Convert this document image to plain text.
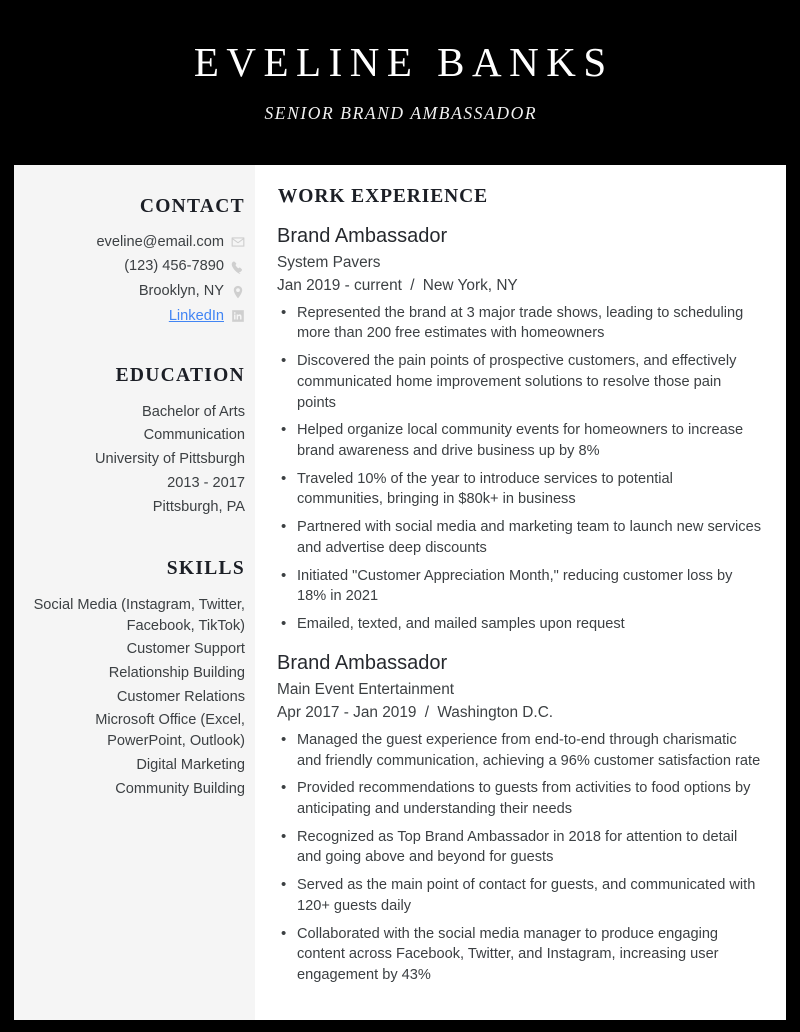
EVELINE BANKS
SENIOR BRAND AMBASSADOR
CONTACT
eveline@email.com
(123) 456-7890
Brooklyn, NY
LinkedIn
EDUCATION
Bachelor of Arts
Communication
University of Pittsburgh
2013 - 2017
Pittsburgh, PA
SKILLS
Social Media (Instagram, Twitter, Facebook, TikTok)
Customer Support
Relationship Building
Customer Relations
Microsoft Office (Excel, PowerPoint, Outlook)
Digital Marketing
Community Building
WORK EXPERIENCE
Brand Ambassador
System Pavers
Jan 2019 - current / New York, NY
• Represented the brand at 3 major trade shows, leading to scheduling more than 200 free estimates with homeowners
• Discovered the pain points of prospective customers, and effectively communicated home improvement solutions to resolve those pain points
• Helped organize local community events for homeowners to increase brand awareness and drive business up by 8%
• Traveled 10% of the year to introduce services to potential communities, bringing in $80k+ in business
• Partnered with social media and marketing team to launch new services and advertise deep discounts
• Initiated "Customer Appreciation Month," reducing customer loss by 18% in 2021
• Emailed, texted, and mailed samples upon request
Brand Ambassador
Main Event Entertainment
Apr 2017 - Jan 2019 / Washington D.C.
• Managed the guest experience from end-to-end through charismatic and friendly communication, achieving a 96% customer satisfaction rate
• Provided recommendations to guests from activities to food options by anticipating and understanding their needs
• Recognized as Top Brand Ambassador in 2018 for attention to detail and going above and beyond for guests
• Served as the main point of contact for guests, and communicated with 120+ guests daily
• Collaborated with the social media manager to produce engaging content across Facebook, Twitter, and Instagram, increasing user engagement by 43%
